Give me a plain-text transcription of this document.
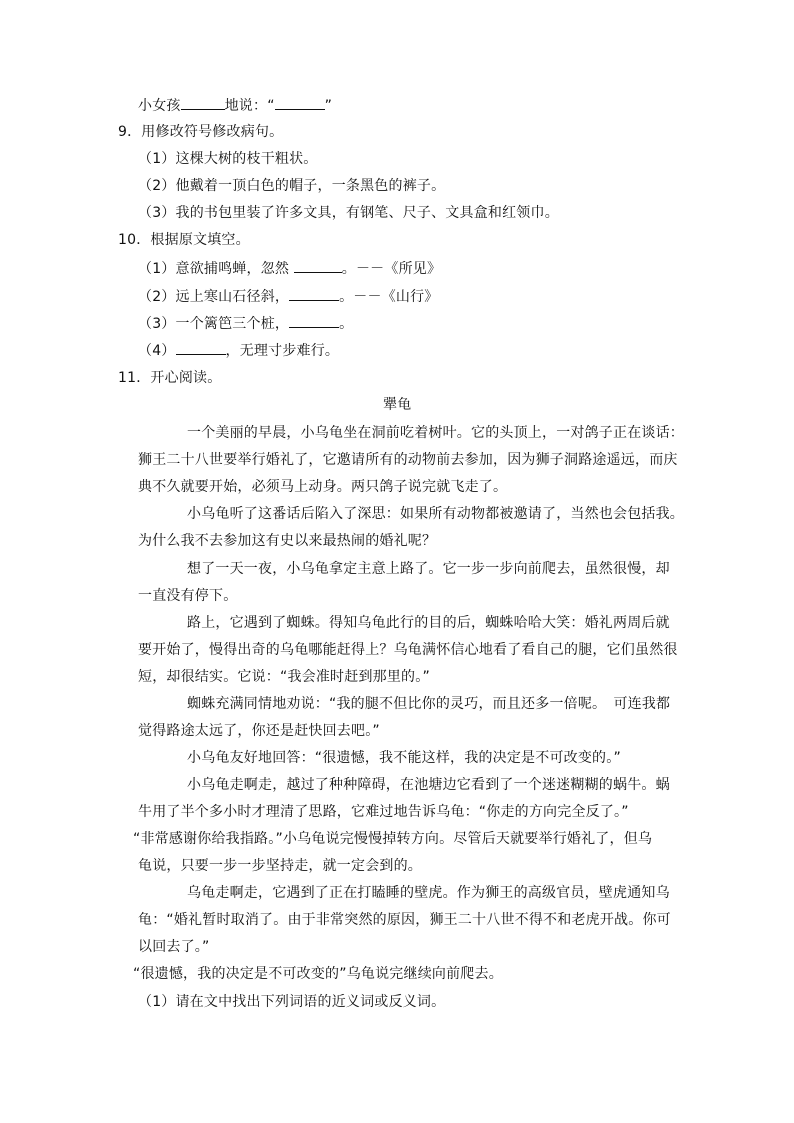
小女孩	地说：“	”
9．用修改符号修改病句。
（1）这棵大树的枝干粗状。
（2）他戴着一顶白色的帽子，一条黑色的裤子。
（3）我的书包里装了许多文具，有钢笔、尺子、文具盒和红领巾。
10．根据原文填空。
（1）意欲捕鸣蝉，忽然	。－－《所见》
（2）远上寒山石径斜，	。－－《山行》
（3）一个篱笆三个桩，	。
（4）	，无理寸步难行。
11．开心阅读。
犟龟
一个美丽的早晨，小乌龟坐在洞前吃着树叶。它的头顶上，一对鸽子正在谈话：
狮王二十八世要举行婚礼了，它邀请所有的动物前去参加，因为狮子洞路途遥远，而庆
典不久就要开始，必须马上动身。两只鸽子说完就飞走了。
小乌龟听了这番话后陷入了深思：如果所有动物都被邀请了，当然也会包括我。
为什么我不去参加这有史以来最热闹的婚礼呢？
想了一天一夜，小乌龟拿定主意上路了。它一步一步向前爬去，虽然很慢，却
一直没有停下。
路上，它遇到了蜘蛛。得知乌龟此行的目的后，蜘蛛哈哈大笑：婚礼两周后就
要开始了，慢得出奇的乌龟哪能赶得上？乌龟满怀信心地看了看自己的腿，它们虽然很
短，却很结实。它说：“我会准时赶到那里的。”
蜘蛛充满同情地劝说：“我的腿不但比你的灵巧，而且还多一倍呢。　可连我都
觉得路途太远了，你还是赶快回去吧。”
小乌龟友好地回答：“很遗憾，我不能这样，我的决定是不可改变的。”
小乌龟走啊走，越过了种种障碍，在池塘边它看到了一个迷迷糊糊的蜗牛。蜗
牛用了半个多小时才理清了思路，它难过地告诉乌龟：“你走的方向完全反了。”
“非常感谢你给我指路。”小乌龟说完慢慢掉转方向。尽管后天就要举行婚礼了，但乌
龟说，只要一步一步坚持走，就一定会到的。
乌龟走啊走，它遇到了正在打瞌睡的壁虎。作为狮王的高级官员，壁虎通知乌
龟：“婚礼暂时取消了。由于非常突然的原因，狮王二十八世不得不和老虎开战。你可
以回去了。”
“很遗憾，我的决定是不可改变的”乌龟说完继续向前爬去。
（1）请在文中找出下列词语的近义词或反义词。
